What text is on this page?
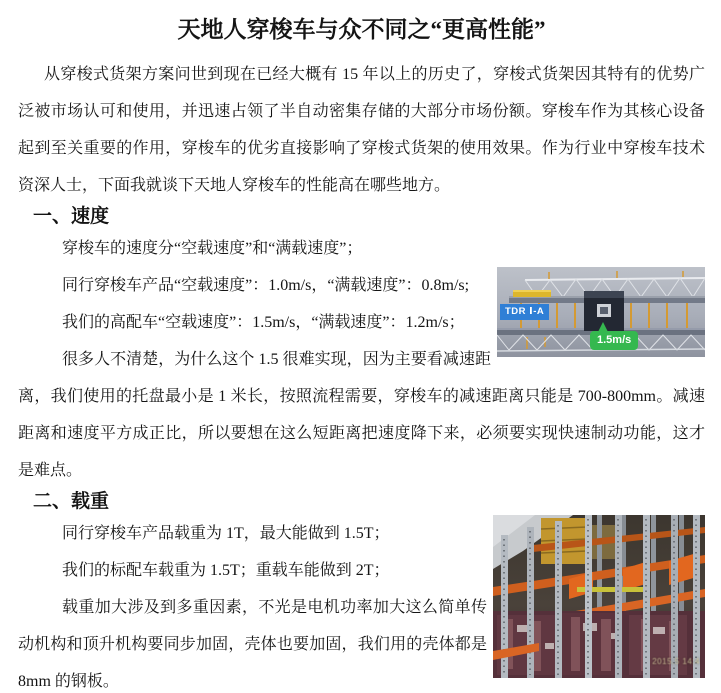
天地人穿梭车与众不同之“更高性能”

从穿梭式货架方案问世到现在已经大概有 15 年以上的历史了，穿梭式货架因其特有的优势广泛被市场认可和使用，并迅速占领了半自动密集存储的大部分市场份额。穿梭车作为其核心设备起到至关重要的作用，穿梭车的优劣直接影响了穿梭式货架的使用效果。作为行业中穿梭车技术资深人士，下面我就谈下天地人穿梭车的性能高在哪些地方。

一、速度

穿梭车的速度分“空载速度”和“满载速度”；

TDR Ⅰ-A
1.5m/s

同行穿梭车产品“空载速度”：1.0m/s，“满载速度”：0.8m/s;

我们的高配车“空载速度”：1.5m/s，“满载速度”：1.2m/s；

很多人不清楚，为什么这个 1.5 很难实现，因为主要看减速距离，我们使用的托盘最小是 1 米长，按照流程需要，穿梭车的减速距离只能是 700-800mm。减速距离和速度平方成正比，所以要想在这么短距离把速度降下来，必须要实现快速制动功能，这才是难点。

二、载重
2015.5 14:4

同行穿梭车产品载重为 1T，最大能做到 1.5T；

我们的标配车载重为 1.5T；重载车能做到 2T；

载重加大涉及到多重因素，不光是电机功率加大这么简单传动机构和顶升机构要同步加固，壳体也要加固，我们用的壳体都是 8mm 的钢板。
